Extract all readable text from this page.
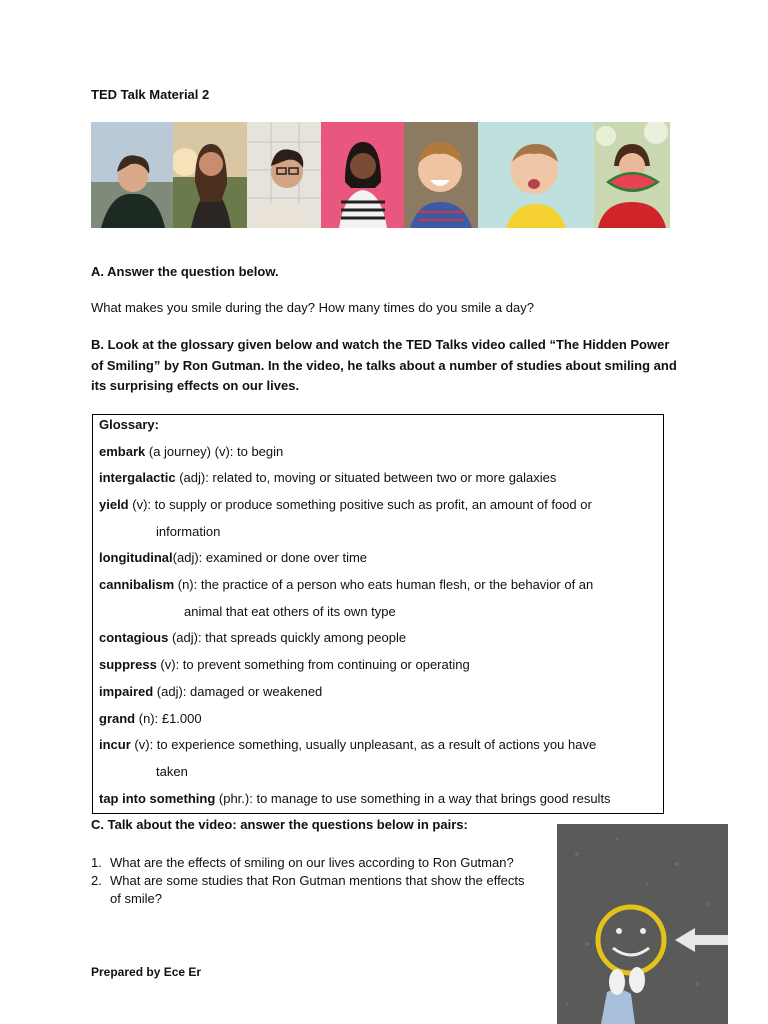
TED Talk Material 2
A. Answer the question below.
What makes you smile during the day? How many times do you smile a day?
B. Look at the glossary given below and watch the TED Talks video called “The Hidden Power of Smiling” by Ron Gutman. In the video, he talks about a number of studies about smiling and its surprising effects on our lives.
Glossary:
embark (a journey) (v): to begin
intergalactic (adj): related to, moving or situated between two or more galaxies
yield (v): to supply or produce something positive such as profit, an amount of food or
information
longitudinal(adj): examined or done over time
cannibalism (n): the practice of a person who eats human flesh, or the behavior of an
animal that eat others of its own type
contagious (adj): that spreads quickly among people
suppress (v): to prevent something from continuing or operating
impaired (adj): damaged or weakened
grand (n): £1.000
incur (v): to experience something, usually unpleasant, as a result of actions you have
taken
tap into something (phr.): to manage to use something in a way that brings good results
C. Talk about the video: answer the questions below in pairs:
1. What are the effects of smiling on our lives according to Ron Gutman?
2. What are some studies that Ron Gutman mentions that show the effects of smile?
Prepared by Ece Er
